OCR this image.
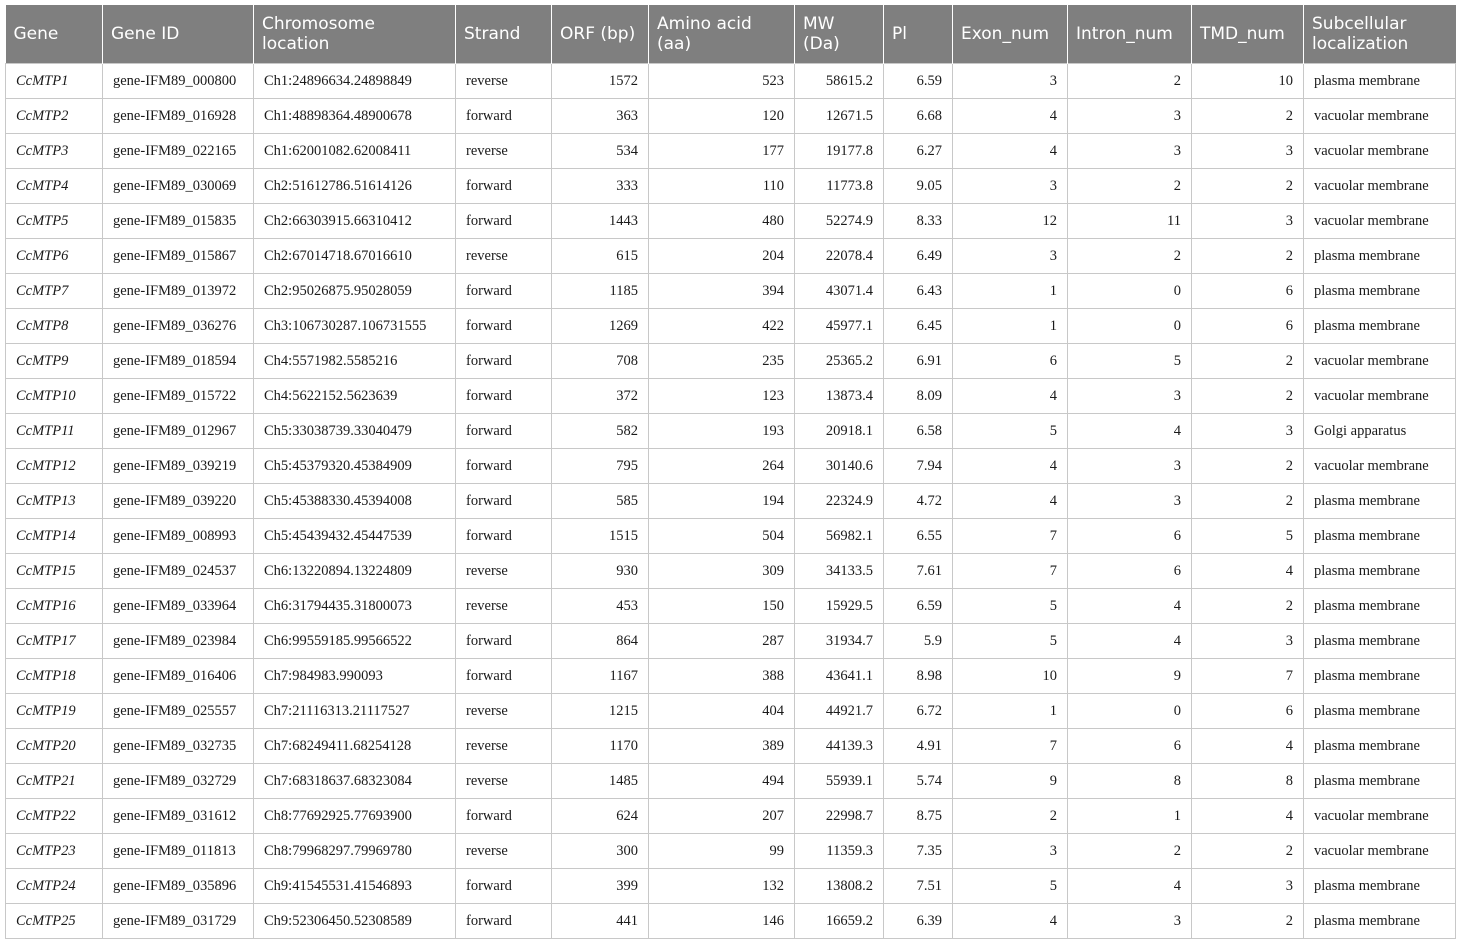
Gene	Gene ID	Chromosome location	Strand	ORF (bp)	Amino acid (aa)	MW (Da)	Pl	Exon_num	Intron_num	TMD_num	Subcellular localization
CcMTP1	gene-IFM89_000800	Ch1:24896634.24898849	reverse	1572	523	58615.2	6.59	3	2	10	plasma membrane
CcMTP2	gene-IFM89_016928	Ch1:48898364.48900678	forward	363	120	12671.5	6.68	4	3	2	vacuolar membrane
CcMTP3	gene-IFM89_022165	Ch1:62001082.62008411	reverse	534	177	19177.8	6.27	4	3	3	vacuolar membrane
CcMTP4	gene-IFM89_030069	Ch2:51612786.51614126	forward	333	110	11773.8	9.05	3	2	2	vacuolar membrane
CcMTP5	gene-IFM89_015835	Ch2:66303915.66310412	forward	1443	480	52274.9	8.33	12	11	3	vacuolar membrane
CcMTP6	gene-IFM89_015867	Ch2:67014718.67016610	reverse	615	204	22078.4	6.49	3	2	2	plasma membrane
CcMTP7	gene-IFM89_013972	Ch2:95026875.95028059	forward	1185	394	43071.4	6.43	1	0	6	plasma membrane
CcMTP8	gene-IFM89_036276	Ch3:106730287.106731555	forward	1269	422	45977.1	6.45	1	0	6	plasma membrane
CcMTP9	gene-IFM89_018594	Ch4:5571982.5585216	forward	708	235	25365.2	6.91	6	5	2	vacuolar membrane
CcMTP10	gene-IFM89_015722	Ch4:5622152.5623639	forward	372	123	13873.4	8.09	4	3	2	vacuolar membrane
CcMTP11	gene-IFM89_012967	Ch5:33038739.33040479	forward	582	193	20918.1	6.58	5	4	3	Golgi apparatus
CcMTP12	gene-IFM89_039219	Ch5:45379320.45384909	forward	795	264	30140.6	7.94	4	3	2	vacuolar membrane
CcMTP13	gene-IFM89_039220	Ch5:45388330.45394008	forward	585	194	22324.9	4.72	4	3	2	plasma membrane
CcMTP14	gene-IFM89_008993	Ch5:45439432.45447539	forward	1515	504	56982.1	6.55	7	6	5	plasma membrane
CcMTP15	gene-IFM89_024537	Ch6:13220894.13224809	reverse	930	309	34133.5	7.61	7	6	4	plasma membrane
CcMTP16	gene-IFM89_033964	Ch6:31794435.31800073	reverse	453	150	15929.5	6.59	5	4	2	plasma membrane
CcMTP17	gene-IFM89_023984	Ch6:99559185.99566522	forward	864	287	31934.7	5.9	5	4	3	plasma membrane
CcMTP18	gene-IFM89_016406	Ch7:984983.990093	forward	1167	388	43641.1	8.98	10	9	7	plasma membrane
CcMTP19	gene-IFM89_025557	Ch7:21116313.21117527	reverse	1215	404	44921.7	6.72	1	0	6	plasma membrane
CcMTP20	gene-IFM89_032735	Ch7:68249411.68254128	reverse	1170	389	44139.3	4.91	7	6	4	plasma membrane
CcMTP21	gene-IFM89_032729	Ch7:68318637.68323084	reverse	1485	494	55939.1	5.74	9	8	8	plasma membrane
CcMTP22	gene-IFM89_031612	Ch8:77692925.77693900	forward	624	207	22998.7	8.75	2	1	4	vacuolar membrane
CcMTP23	gene-IFM89_011813	Ch8:79968297.79969780	reverse	300	99	11359.3	7.35	3	2	2	vacuolar membrane
CcMTP24	gene-IFM89_035896	Ch9:41545531.41546893	forward	399	132	13808.2	7.51	5	4	3	plasma membrane
CcMTP25	gene-IFM89_031729	Ch9:52306450.52308589	forward	441	146	16659.2	6.39	4	3	2	plasma membrane
